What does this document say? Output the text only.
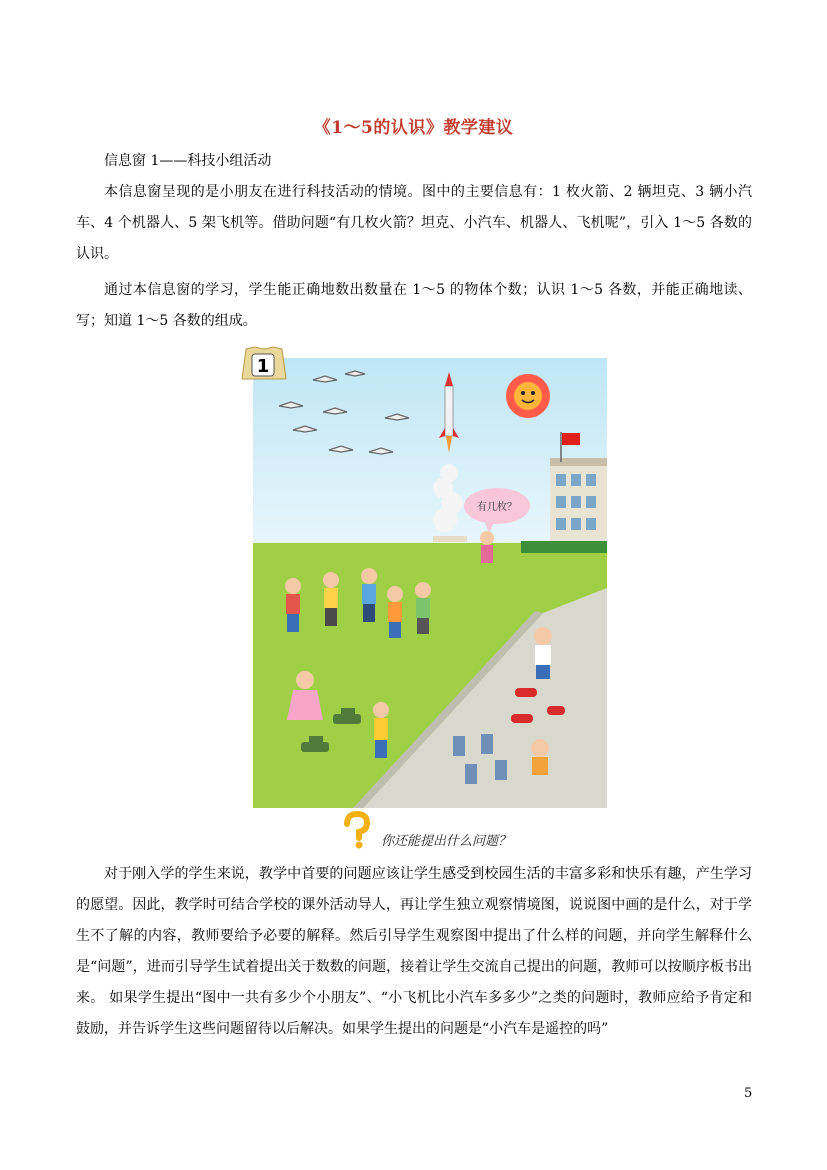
《1～5的认识》教学建议
信息窗 1——科技小组活动

本信息窗呈现的是小朋友在进行科技活动的情境。图中的主要信息有：1 枚火箭、2 辆坦克、3 辆小汽车、4 个机器人、5 架飞机等。借助问题“有几枚火箭？坦克、小汽车、机器人、飞机呢”，引入 1～5 各数的认识。

通过本信息窗的学习，学生能正确地数出数量在 1～5 的物体个数；认识 1～5 各数，并能正确地读、写；知道 1～5 各数的组成。

有几枚？
1
你还能提出什么问题？

对于刚入学的学生来说，教学中首要的问题应该让学生感受到校园生活的丰富多彩和快乐有趣，产生学习的愿望。因此，教学时可结合学校的课外活动导人，再让学生独立观察情境图，说说图中画的是什么，对于学生不了解的内容，教师要给予必要的解释。然后引导学生观察图中提出了什么样的问题，并向学生解释什么是“问题”，进而引导学生试着提出关于数数的问题，接着让学生交流自己提出的问题，教师可以按顺序板书出来。 如果学生提出“图中一共有多少个小朋友”、“小飞机比小汽车多多少”之类的问题时，教师应给予肯定和鼓励，并告诉学生这些问题留待以后解决。如果学生提出的问题是“小汽车是遥控的吗”

5
